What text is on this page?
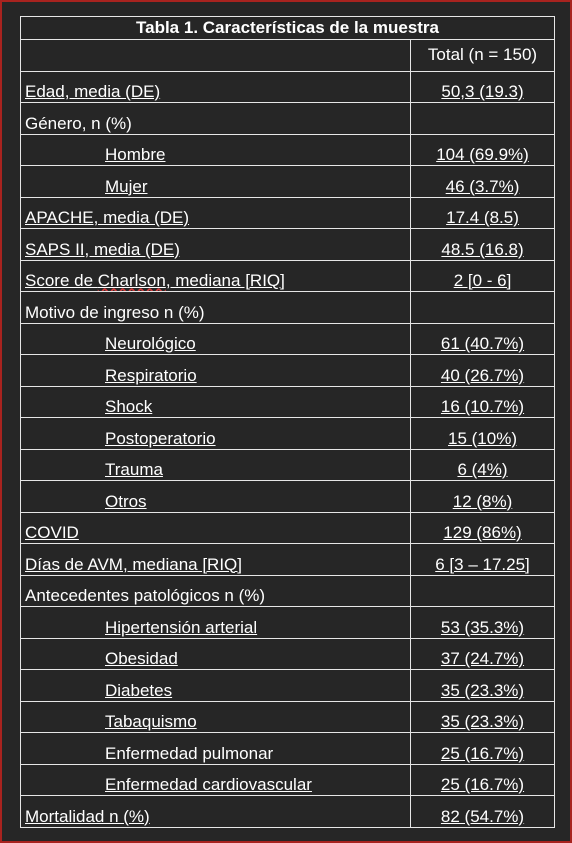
Tabla 1. Características de la muestra	
	Total (n = 150)
Edad, media (DE)	50,3 (19.3)
Género, n (%)	
Hombre	104 (69.9%)
Mujer	46 (3.7%)
APACHE, media (DE)	17.4 (8.5)
SAPS II, media (DE)	48.5 (16.8)
Score de Charlson, mediana [RIQ]	2 [0 - 6]
Motivo de ingreso n (%)	
Neurológico	61 (40.7%)
Respiratorio	40 (26.7%)
Shock	16 (10.7%)
Postoperatorio	15 (10%)
Trauma	6 (4%)
Otros	12 (8%)
COVID	129 (86%)
Días de AVM, mediana [RIQ]	6 [3 – 17.25]
Antecedentes patológicos n (%)	
Hipertensión arterial	53 (35.3%)
Obesidad	37 (24.7%)
Diabetes	35 (23.3%)
Tabaquismo	35 (23.3%)
Enfermedad pulmonar	25 (16.7%)
Enfermedad cardiovascular	25 (16.7%)
Mortalidad n (%)	82 (54.7%)
